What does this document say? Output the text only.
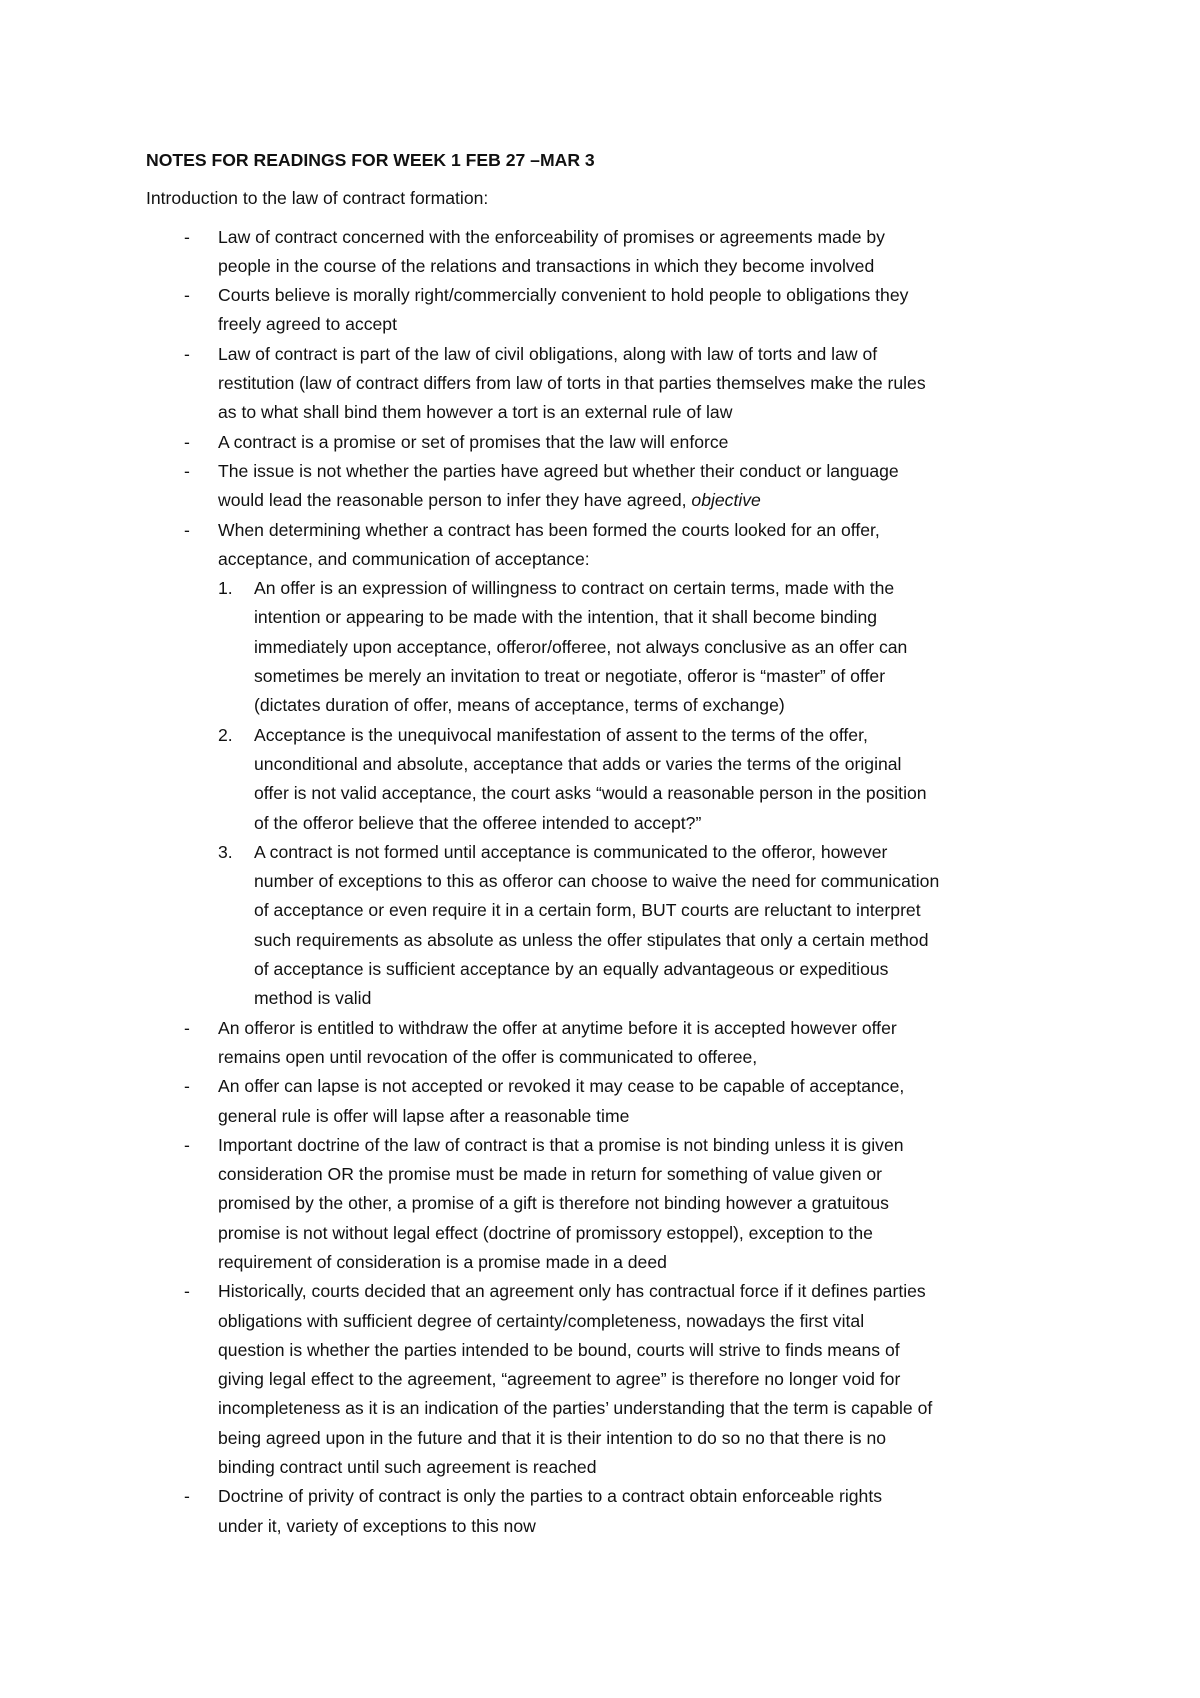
NOTES FOR READINGS FOR WEEK 1 FEB 27 –MAR 3
Introduction to the law of contract formation:
- Law of contract concerned with the enforceability of promises or agreements made by
people in the course of the relations and transactions in which they become involved
- Courts believe is morally right/commercially convenient to hold people to obligations they
freely agreed to accept
- Law of contract is part of the law of civil obligations, along with law of torts and law of
restitution (law of contract differs from law of torts in that parties themselves make the rules
as to what shall bind them however a tort is an external rule of law
- A contract is a promise or set of promises that the law will enforce
- The issue is not whether the parties have agreed but whether their conduct or language
would lead the reasonable person to infer they have agreed, objective
- When determining whether a contract has been formed the courts looked for an offer,
acceptance, and communication of acceptance:
1. An offer is an expression of willingness to contract on certain terms, made with the
intention or appearing to be made with the intention, that it shall become binding
immediately upon acceptance, offeror/offeree, not always conclusive as an offer can
sometimes be merely an invitation to treat or negotiate, offeror is “master” of offer
(dictates duration of offer, means of acceptance, terms of exchange)
2. Acceptance is the unequivocal manifestation of assent to the terms of the offer,
unconditional and absolute, acceptance that adds or varies the terms of the original
offer is not valid acceptance, the court asks “would a reasonable person in the position
of the offeror believe that the offeree intended to accept?”
3. A contract is not formed until acceptance is communicated to the offeror, however
number of exceptions to this as offeror can choose to waive the need for communication
of acceptance or even require it in a certain form, BUT courts are reluctant to interpret
such requirements as absolute as unless the offer stipulates that only a certain method
of acceptance is sufficient acceptance by an equally advantageous or expeditious
method is valid
- An offeror is entitled to withdraw the offer at anytime before it is accepted however offer
remains open until revocation of the offer is communicated to offeree,
- An offer can lapse is not accepted or revoked it may cease to be capable of acceptance,
general rule is offer will lapse after a reasonable time
- Important doctrine of the law of contract is that a promise is not binding unless it is given
consideration OR the promise must be made in return for something of value given or
promised by the other, a promise of a gift is therefore not binding however a gratuitous
promise is not without legal effect (doctrine of promissory estoppel), exception to the
requirement of consideration is a promise made in a deed
- Historically, courts decided that an agreement only has contractual force if it defines parties
obligations with sufficient degree of certainty/completeness, nowadays the first vital
question is whether the parties intended to be bound, courts will strive to finds means of
giving legal effect to the agreement, “agreement to agree” is therefore no longer void for
incompleteness as it is an indication of the parties’ understanding that the term is capable of
being agreed upon in the future and that it is their intention to do so no that there is no
binding contract until such agreement is reached
- Doctrine of privity of contract is only the parties to a contract obtain enforceable rights
under it, variety of exceptions to this now
